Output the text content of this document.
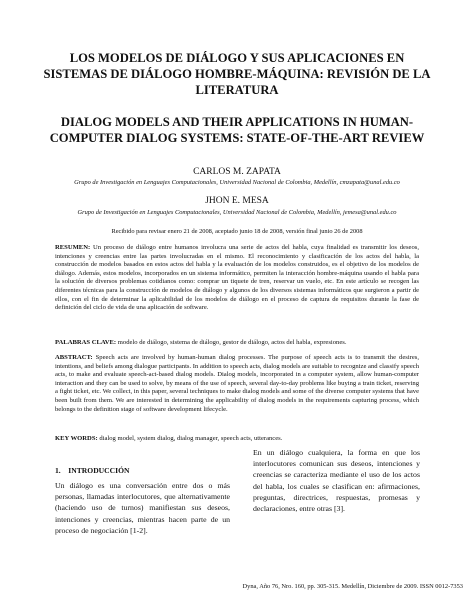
LOS MODELOS DE DIÁLOGO Y SUS APLICACIONES EN SISTEMAS DE DIÁLOGO HOMBRE-MÁQUINA: REVISIÓN DE LA LITERATURA
DIALOG MODELS AND THEIR APPLICATIONS IN HUMAN-COMPUTER DIALOG SYSTEMS: STATE-OF-THE-ART REVIEW
CARLOS M. ZAPATA
Grupo de Investigación en Lenguajes Computacionales, Universidad Nacional de Colombia, Medellín, cmzapata@unal.edu.co
JHON E. MESA
Grupo de Investigación en Lenguajes Computacionales, Universidad Nacional de Colombia, Medellín, jemesa@unal.edu.co
Recibido para revisar enero 21 de 2008, aceptado junio 18 de 2008, versión final junio 26 de 2008
RESUMEN: Un proceso de diálogo entre humanos involucra una serie de actos del habla, cuya finalidad es transmitir los deseos, intenciones y creencias entre las partes involucradas en el mismo. El reconocimiento y clasificación de los actos del habla, la construcción de modelos basados en estos actos del habla y la evaluación de los modelos construidos, es el objetivo de los modelos de diálogo. Además, estos modelos, incorporados en un sistema informático, permiten la interacción hombre-máquina usando el habla para la solución de diversos problemas cotidianos como: comprar un tiquete de tren, reservar un vuelo, etc. En este artículo se recogen las diferentes técnicas para la construcción de modelos de diálogo y algunos de los diversos sistemas informáticos que surgieron a partir de ellos, con el fin de determinar la aplicabilidad de los modelos de diálogo en el proceso de captura de requisitos durante la fase de definición del ciclo de vida de una aplicación de software.
PALABRAS CLAVE: modelo de diálogo, sistema de diálogo, gestor de diálogo, actos del habla, expresiones.
ABSTRACT: Speech acts are involved by human-human dialog processes. The purpose of speech acts is to transmit the desires, intentions, and beliefs among dialogue participants. In addition to speech acts, dialog models are suitable to recognize and classify speech acts, to make and evaluate speech-act-based dialog models. Dialog models, incorporated in a computer system, allow human-computer interaction and they can be used to solve, by means of the use of speech, several day-to-day problems like buying a train ticket, reserving a fight ticket, etc. We collect, in this paper, several techniques to make dialog models and some of the diverse computer systems that have been built from them. We are interested in determining the applicability of dialog models in the requirements capturing process, which belongs to the definition stage of software development lifecycle.
KEY WORDS: dialog model, system dialog, dialog manager, speech acts, utterances.
1. INTRODUCCIÓN
Un diálogo es una conversación entre dos o más personas, llamadas interlocutores, que alternativamente (haciendo uso de turnos) manifiestan sus deseos, intenciones y creencias, mientras hacen parte de un proceso de negociación [1-2].
En un diálogo cualquiera, la forma en que los interlocutores comunican sus deseos, intenciones y creencias se caracteriza mediante el uso de los actos del habla, los cuales se clasifican en: afirmaciones, preguntas, directrices, respuestas, promesas y declaraciones, entre otras [3].
Dyna, Año 76, Nro. 160, pp. 305-315. Medellín, Diciembre de 2009. ISSN 0012-7353
